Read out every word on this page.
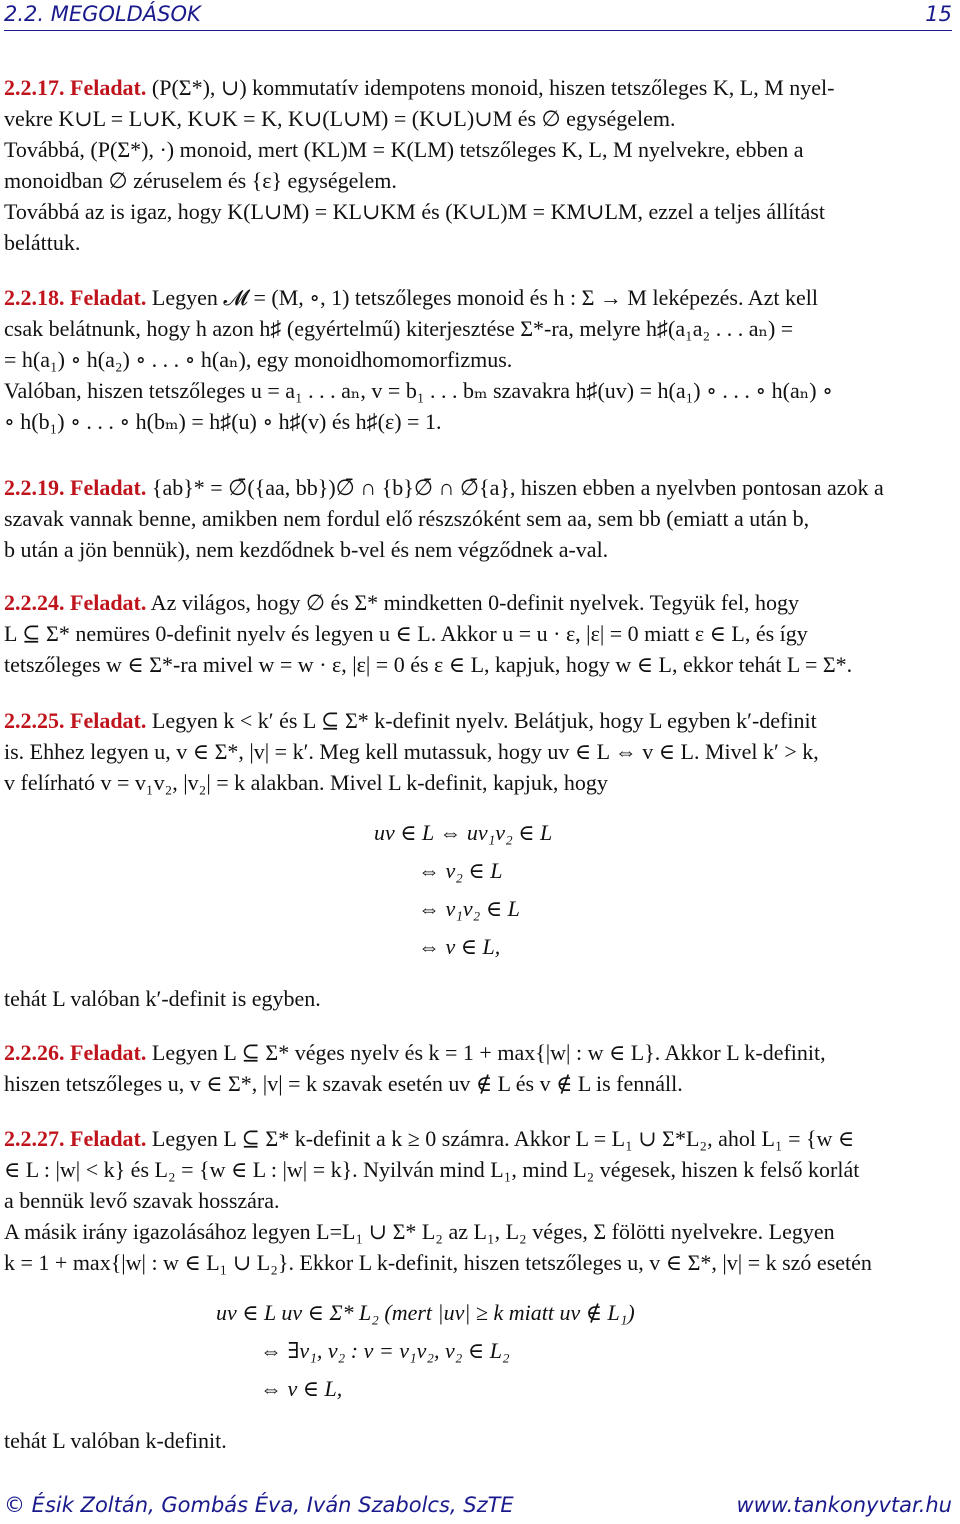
2.2. MEGOLDÁSOK	15

2.2.17. Feladat. (P(Σ*), ∪) kommutatív idempotens monoid, hiszen tetszőleges K, L, M nyel-

vekre K∪L = L∪K, K∪K = K, K∪(L∪M) = (K∪L)∪M és ∅ egységelem.

Továbbá, (P(Σ*), ·) monoid, mert (KL)M = K(LM) tetszőleges K, L, M nyelvekre, ebben a

monoidban ∅ zéruselem és {ε} egységelem.

Továbbá az is igaz, hogy K(L∪M) = KL∪KM és (K∪L)M = KM∪LM, ezzel a teljes állítást

beláttuk.

2.2.18. Feladat. Legyen 𝓜 = (M, ∘, 1) tetszőleges monoid és h : Σ → M leképezés. Azt kell

csak belátnunk, hogy h azon h♯ (egyértelmű) kiterjesztése Σ*-ra, melyre h♯(a₁a₂ . . . aₙ) =

= h(a₁) ∘ h(a₂) ∘ . . . ∘ h(aₙ), egy monoidhomomorfizmus.

Valóban, hiszen tetszőleges u = a₁ . . . aₙ, v = b₁ . . . bₘ szavakra h♯(uv) = h(a₁) ∘ . . . ∘ h(aₙ) ∘

∘ h(b₁) ∘ . . . ∘ h(bₘ) = h♯(u) ∘ h♯(v) és h♯(ε) = 1.

2.2.19. Feladat. {ab}* = ∅̄({aa, bb})∅̄ ∩ {b}∅̄ ∩ ∅̄{a}, hiszen ebben a nyelvben pontosan azok a

szavak vannak benne, amikben nem fordul elő részszóként sem aa, sem bb (emiatt a után b,

b után a jön bennük), nem kezdődnek b-vel és nem végződnek a-val.

2.2.24. Feladat. Az világos, hogy ∅ és Σ* mindketten 0-definit nyelvek. Tegyük fel, hogy

L ⊆ Σ* nemüres 0-definit nyelv és legyen u ∈ L. Akkor u = u · ε, |ε| = 0 miatt ε ∈ L, és így

tetszőleges w ∈ Σ*-ra mivel w = w · ε, |ε| = 0 és ε ∈ L, kapjuk, hogy w ∈ L, ekkor tehát L = Σ*.

2.2.25. Feladat. Legyen k < k′ és L ⊆ Σ* k-definit nyelv. Belátjuk, hogy L egyben k′-definit

is. Ehhez legyen u, v ∈ Σ*, |v| = k′. Meg kell mutassuk, hogy uv ∈ L ⇔ v ∈ L. Mivel k′ > k,

v felírható v = v₁v₂, |v₂| = k alakban. Mivel L k-definit, kapjuk, hogy

uv ∈ L ⇔ uv₁v₂ ∈ L
⇔ v₂ ∈ L
⇔ v₁v₂ ∈ L
⇔ v ∈ L,

tehát L valóban k′-definit is egyben.

2.2.26. Feladat. Legyen L ⊆ Σ* véges nyelv és k = 1 + max{|w| : w ∈ L}. Akkor L k-definit,

hiszen tetszőleges u, v ∈ Σ*, |v| = k szavak esetén uv ∉ L és v ∉ L is fennáll.

2.2.27. Feladat. Legyen L ⊆ Σ* k-definit a k ≥ 0 számra. Akkor L = L₁ ∪ Σ*L₂, ahol L₁ = {w ∈

∈ L : |w| < k} és L₂ = {w ∈ L : |w| = k}. Nyilván mind L₁, mind L₂ végesek, hiszen k felső korlát

a bennük levő szavak hosszára.

A másik irány igazolásához legyen L=L₁ ∪ Σ* L₂ az L₁, L₂ véges, Σ fölötti nyelvekre. Legyen

k = 1 + max{|w| : w ∈ L₁ ∪ L₂}. Ekkor L k-definit, hiszen tetszőleges u, v ∈ Σ*, |v| = k szó esetén

uv ∈ L uv ∈ Σ* L₂ (mert |uv| ≥ k miatt uv ∉ L₁)
⇔ ∃v₁, v₂ : v = v₁v₂, v₂ ∈ L₂
⇔ v ∈ L,

tehát L valóban k-definit.

© Ésik Zoltán, Gombás Éva, Iván Szabolcs, SzTE	www.tankonyvtar.hu
